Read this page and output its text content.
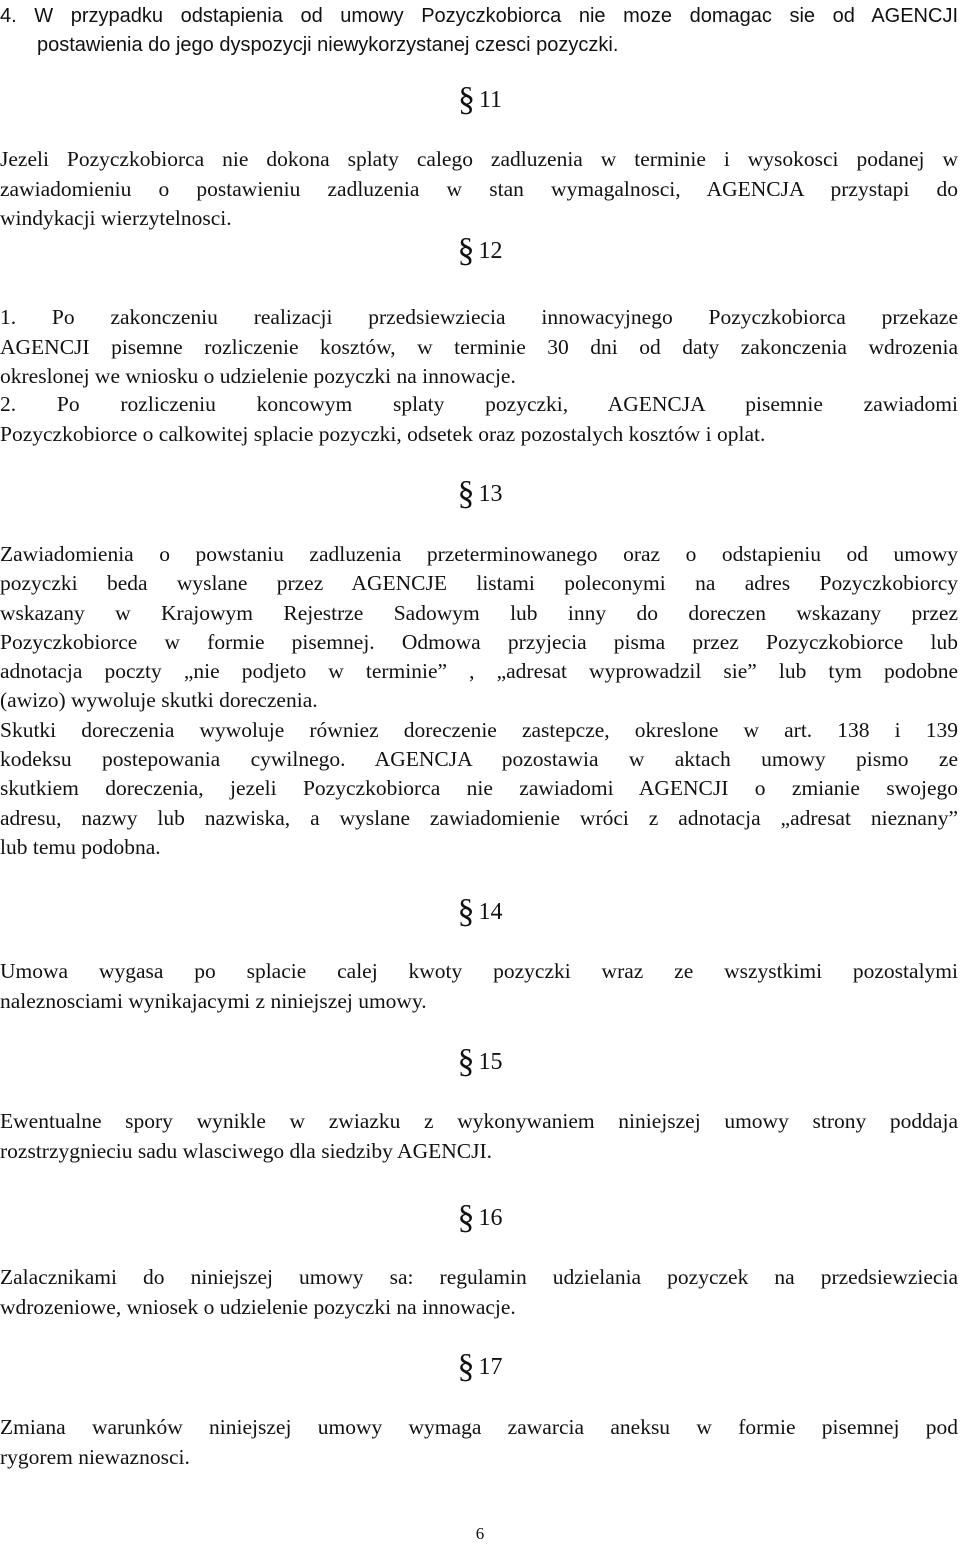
4. W przypadku odstapienia od umowy Pozyczkobiorca nie moze domagac sie od AGENCJI
postawienia do jego dyspozycji niewykorzystanej czesci pozyczki.
§ 11
Jezeli Pozyczkobiorca nie dokona splaty calego zadluzenia w terminie i wysokosci podanej w
zawiadomieniu o postawieniu zadluzenia w stan wymagalnosci, AGENCJA przystapi do
windykacji wierzytelnosci.
§ 12
1. Po zakonczeniu realizacji przedsiewziecia innowacyjnego Pozyczkobiorca przekaze
AGENCJI pisemne rozliczenie kosztów, w terminie 30 dni od daty zakonczenia wdrozenia
okreslonej we wniosku o udzielenie pozyczki na innowacje.
2. Po rozliczeniu koncowym splaty pozyczki, AGENCJA pisemnie zawiadomi
Pozyczkobiorce o calkowitej splacie pozyczki, odsetek oraz pozostalych kosztów i oplat.
§ 13
Zawiadomienia o powstaniu zadluzenia przeterminowanego oraz o odstapieniu od umowy
pozyczki beda wyslane przez AGENCJE listami poleconymi na adres Pozyczkobiorcy
wskazany w Krajowym Rejestrze Sadowym lub inny do doreczen wskazany przez
Pozyczkobiorce w formie pisemnej. Odmowa przyjecia pisma przez Pozyczkobiorce lub
adnotacja poczty „nie podjeto w terminie” , „adresat wyprowadzil sie” lub tym podobne
(awizo) wywoluje skutki doreczenia.
Skutki doreczenia wywoluje równiez doreczenie zastepcze, okreslone w art. 138 i 139
kodeksu postepowania cywilnego. AGENCJA pozostawia w aktach umowy pismo ze
skutkiem doreczenia, jezeli Pozyczkobiorca nie zawiadomi AGENCJI o zmianie swojego
adresu, nazwy lub nazwiska, a wyslane zawiadomienie wróci z adnotacja „adresat nieznany”
lub temu podobna.
§ 14
Umowa wygasa po splacie calej kwoty pozyczki wraz ze wszystkimi pozostalymi
naleznosciami wynikajacymi z niniejszej umowy.
§ 15
Ewentualne spory wynikle w zwiazku z wykonywaniem niniejszej umowy strony poddaja
rozstrzygnieciu sadu wlasciwego dla siedziby AGENCJI.
§ 16
Zalacznikami do niniejszej umowy sa: regulamin udzielania pozyczek na przedsiewziecia
wdrozeniowe, wniosek o udzielenie pozyczki na innowacje.
§ 17
Zmiana warunków niniejszej umowy wymaga zawarcia aneksu w formie pisemnej pod
rygorem niewaznosci.
6
